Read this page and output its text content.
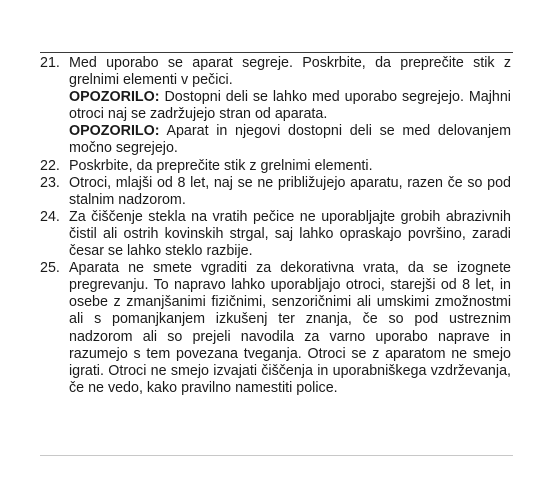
21. Med uporabo se aparat segreje. Poskrbite, da preprečite stik z grelnimi elementi v pečici.

OPOZORILO: Dostopni deli se lahko med uporabo segrejejo. Majhni otroci naj se zadržujejo stran od aparata.

OPOZORILO: Aparat in njegovi dostopni deli se med delovanjem močno segrejejo.

22. Poskrbite, da preprečite stik z grelnimi elementi.

23. Otroci, mlajši od 8 let, naj se ne približujejo aparatu, razen če so pod stalnim nadzorom.

24. Za čiščenje stekla na vratih pečice ne uporabljajte grobih abrazivnih čistil ali ostrih kovinskih strgal, saj lahko opraskajo površino, zaradi česar se lahko steklo razbije.

25. Aparata ne smete vgraditi za dekorativna vrata, da se izognete pregrevanju. To napravo lahko uporabljajo otroci, starejši od 8 let, in osebe z zmanjšanimi fizičnimi, senzoričnimi ali umskimi zmožnostmi ali s pomanjkanjem izkušenj ter znanja, če so pod ustreznim nadzorom ali so prejeli navodila za varno uporabo naprave in razumejo s tem povezana tveganja. Otroci se z aparatom ne smejo igrati. Otroci ne smejo izvajati čiščenja in uporabniškega vzdrževanja, če ne vedo, kako pravilno namestiti police.
